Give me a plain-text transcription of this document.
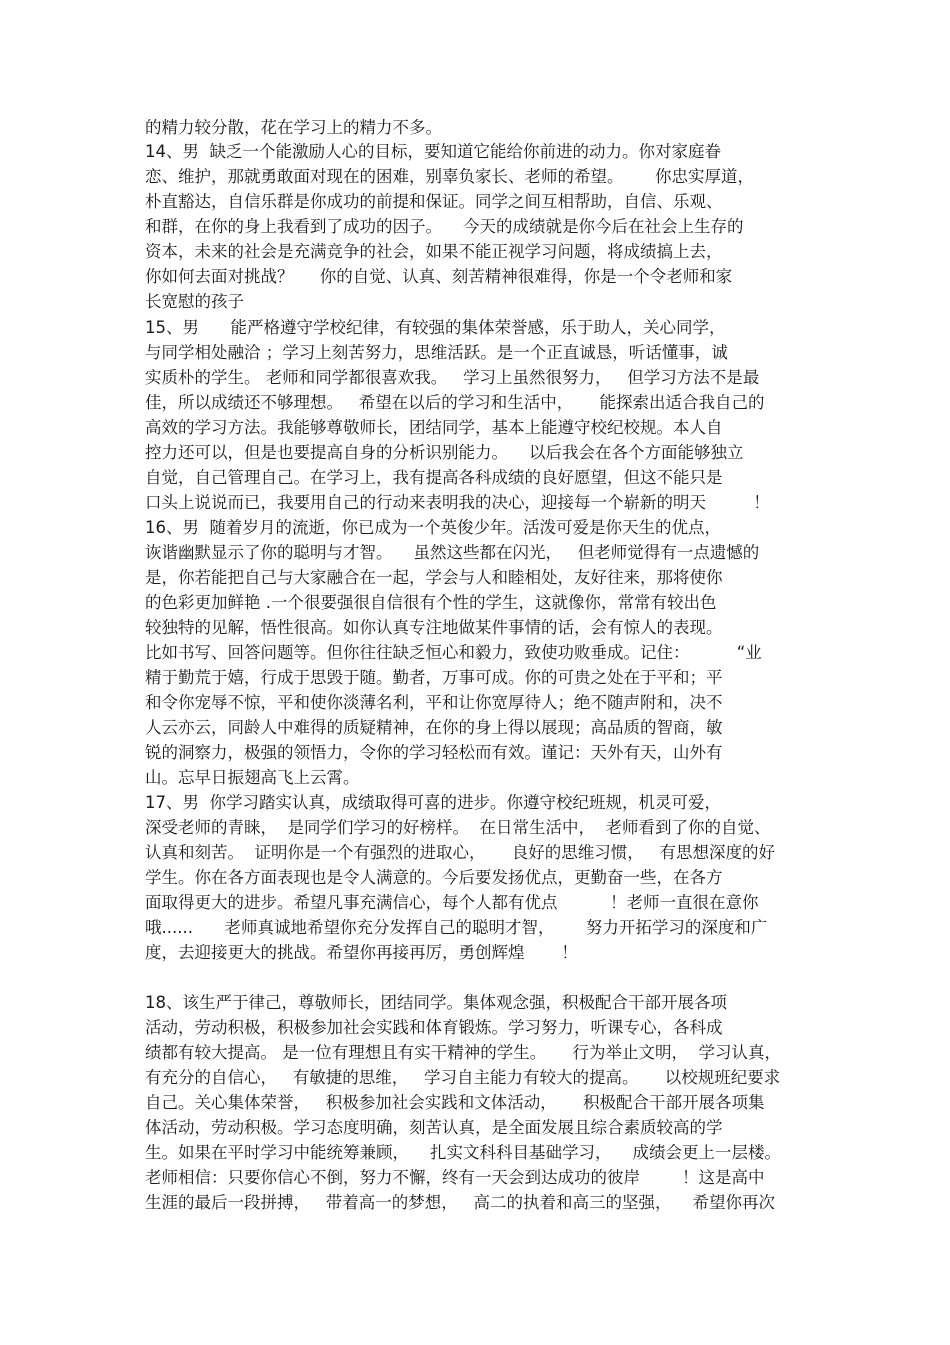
的精力较分散，花在学习上的精力不多。
14、男  缺乏一个能激励人心的目标，要知道它能给你前进的动力。你对家庭眷
恋、维护，那就勇敢面对现在的困难，别辜负家长、老师的希望。      你忠实厚道，
朴直豁达，自信乐群是你成功的前提和保证。同学之间互相帮助，自信、乐观、
和群，在你的身上我看到了成功的因子。    今天的成绩就是你今后在社会上生存的
资本，未来的社会是充满竞争的社会，如果不能正视学习问题，将成绩搞上去，
你如何去面对挑战？     你的自觉、认真、刻苦精神很难得，你是一个令老师和家
长宽慰的孩子
15、男      能严格遵守学校纪律，有较强的集体荣誉感，乐于助人，关心同学，
与同学相处融洽 ；学习上刻苦努力，思维活跃。是一个正直诚恳，听话懂事，诚
实质朴的学生。 老师和同学都很喜欢我。   学习上虽然很努力，   但学习方法不是最
佳，所以成绩还不够理想。   希望在以后的学习和生活中，     能探索出适合我自己的
高效的学习方法。我能够尊敬师长，团结同学，基本上能遵守校纪校规。本人自
控力还可以，但是也要提高自身的分析识别能力。    以后我会在各个方面能够独立
自觉，自己管理自己。在学习上，我有提高各科成绩的良好愿望，但这不能只是
口头上说说而已，我要用自己的行动来表明我的决心，迎接每一个崭新的明天         ！
16、男  随着岁月的流逝，你已成为一个英俊少年。活泼可爱是你天生的优点，
诙谐幽默显示了你的聪明与才智。    虽然这些都在闪光，   但老师觉得有一点遗憾的
是，你若能把自己与大家融合在一起，学会与人和睦相处，友好往来，那将使你
的色彩更加鲜艳 .一个很要强很自信很有个性的学生，这就像你，常常有较出色
较独特的见解，悟性很高。如你认真专注地做某件事情的话，会有惊人的表现。
比如书写、回答问题等。但你往往缺乏恒心和毅力，致使功败垂成。记住：         “业
精于勤荒于嬉，行成于思毁于随。勤者，万事可成。你的可贵之处在于平和；平
和令你宠辱不惊，平和使你淡薄名利，平和让你宽厚待人；绝不随声附和，决不
人云亦云，同龄人中难得的质疑精神，在你的身上得以展现；高品质的智商，敏
锐的洞察力，极强的领悟力，令你的学习轻松而有效。谨记：天外有天，山外有
山。忘早日振翅高飞上云霄。
17、男  你学习踏实认真，成绩取得可喜的进步。你遵守校纪班规，机灵可爱，
深受老师的青睐，  是同学们学习的好榜样。  在日常生活中，  老师看到了你的自觉、
认真和刻苦。  证明你是一个有强烈的进取心，     良好的思维习惯，   有思想深度的好
学生。你在各方面表现也是令人满意的。今后要发扬优点，更勤奋一些，在各方
面取得更大的进步。希望凡事充满信心，每个人都有优点          ！老师一直很在意你
哦......      老师真诚地希望你充分发挥自己的聪明才智，      努力开拓学习的深度和广
度，去迎接更大的挑战。希望你再接再厉，勇创辉煌       ！
18、该生严于律己，尊敬师长，团结同学。集体观念强，积极配合干部开展各项
活动，劳动积极，积极参加社会实践和体育锻炼。学习努力，听课专心，各科成
绩都有较大提高。 是一位有理想且有实干精神的学生。     行为举止文明，  学习认真，
有充分的自信心，   有敏捷的思维，   学习自主能力有较大的提高。     以校规班纪要求
自己。关心集体荣誉，   积极参加社会实践和文体活动，     积极配合干部开展各项集
体活动，劳动积极。学习态度明确，刻苦认真，是全面发展且综合素质较高的学
生。如果在平时学习中能统筹兼顾，    扎实文科科目基础学习，    成绩会更上一层楼。
老师相信：只要你信心不倒，努力不懈，终有一天会到达成功的彼岸        ！这是高中
生涯的最后一段拼搏，   带着高一的梦想，   高二的执着和高三的坚强，    希望你再次
